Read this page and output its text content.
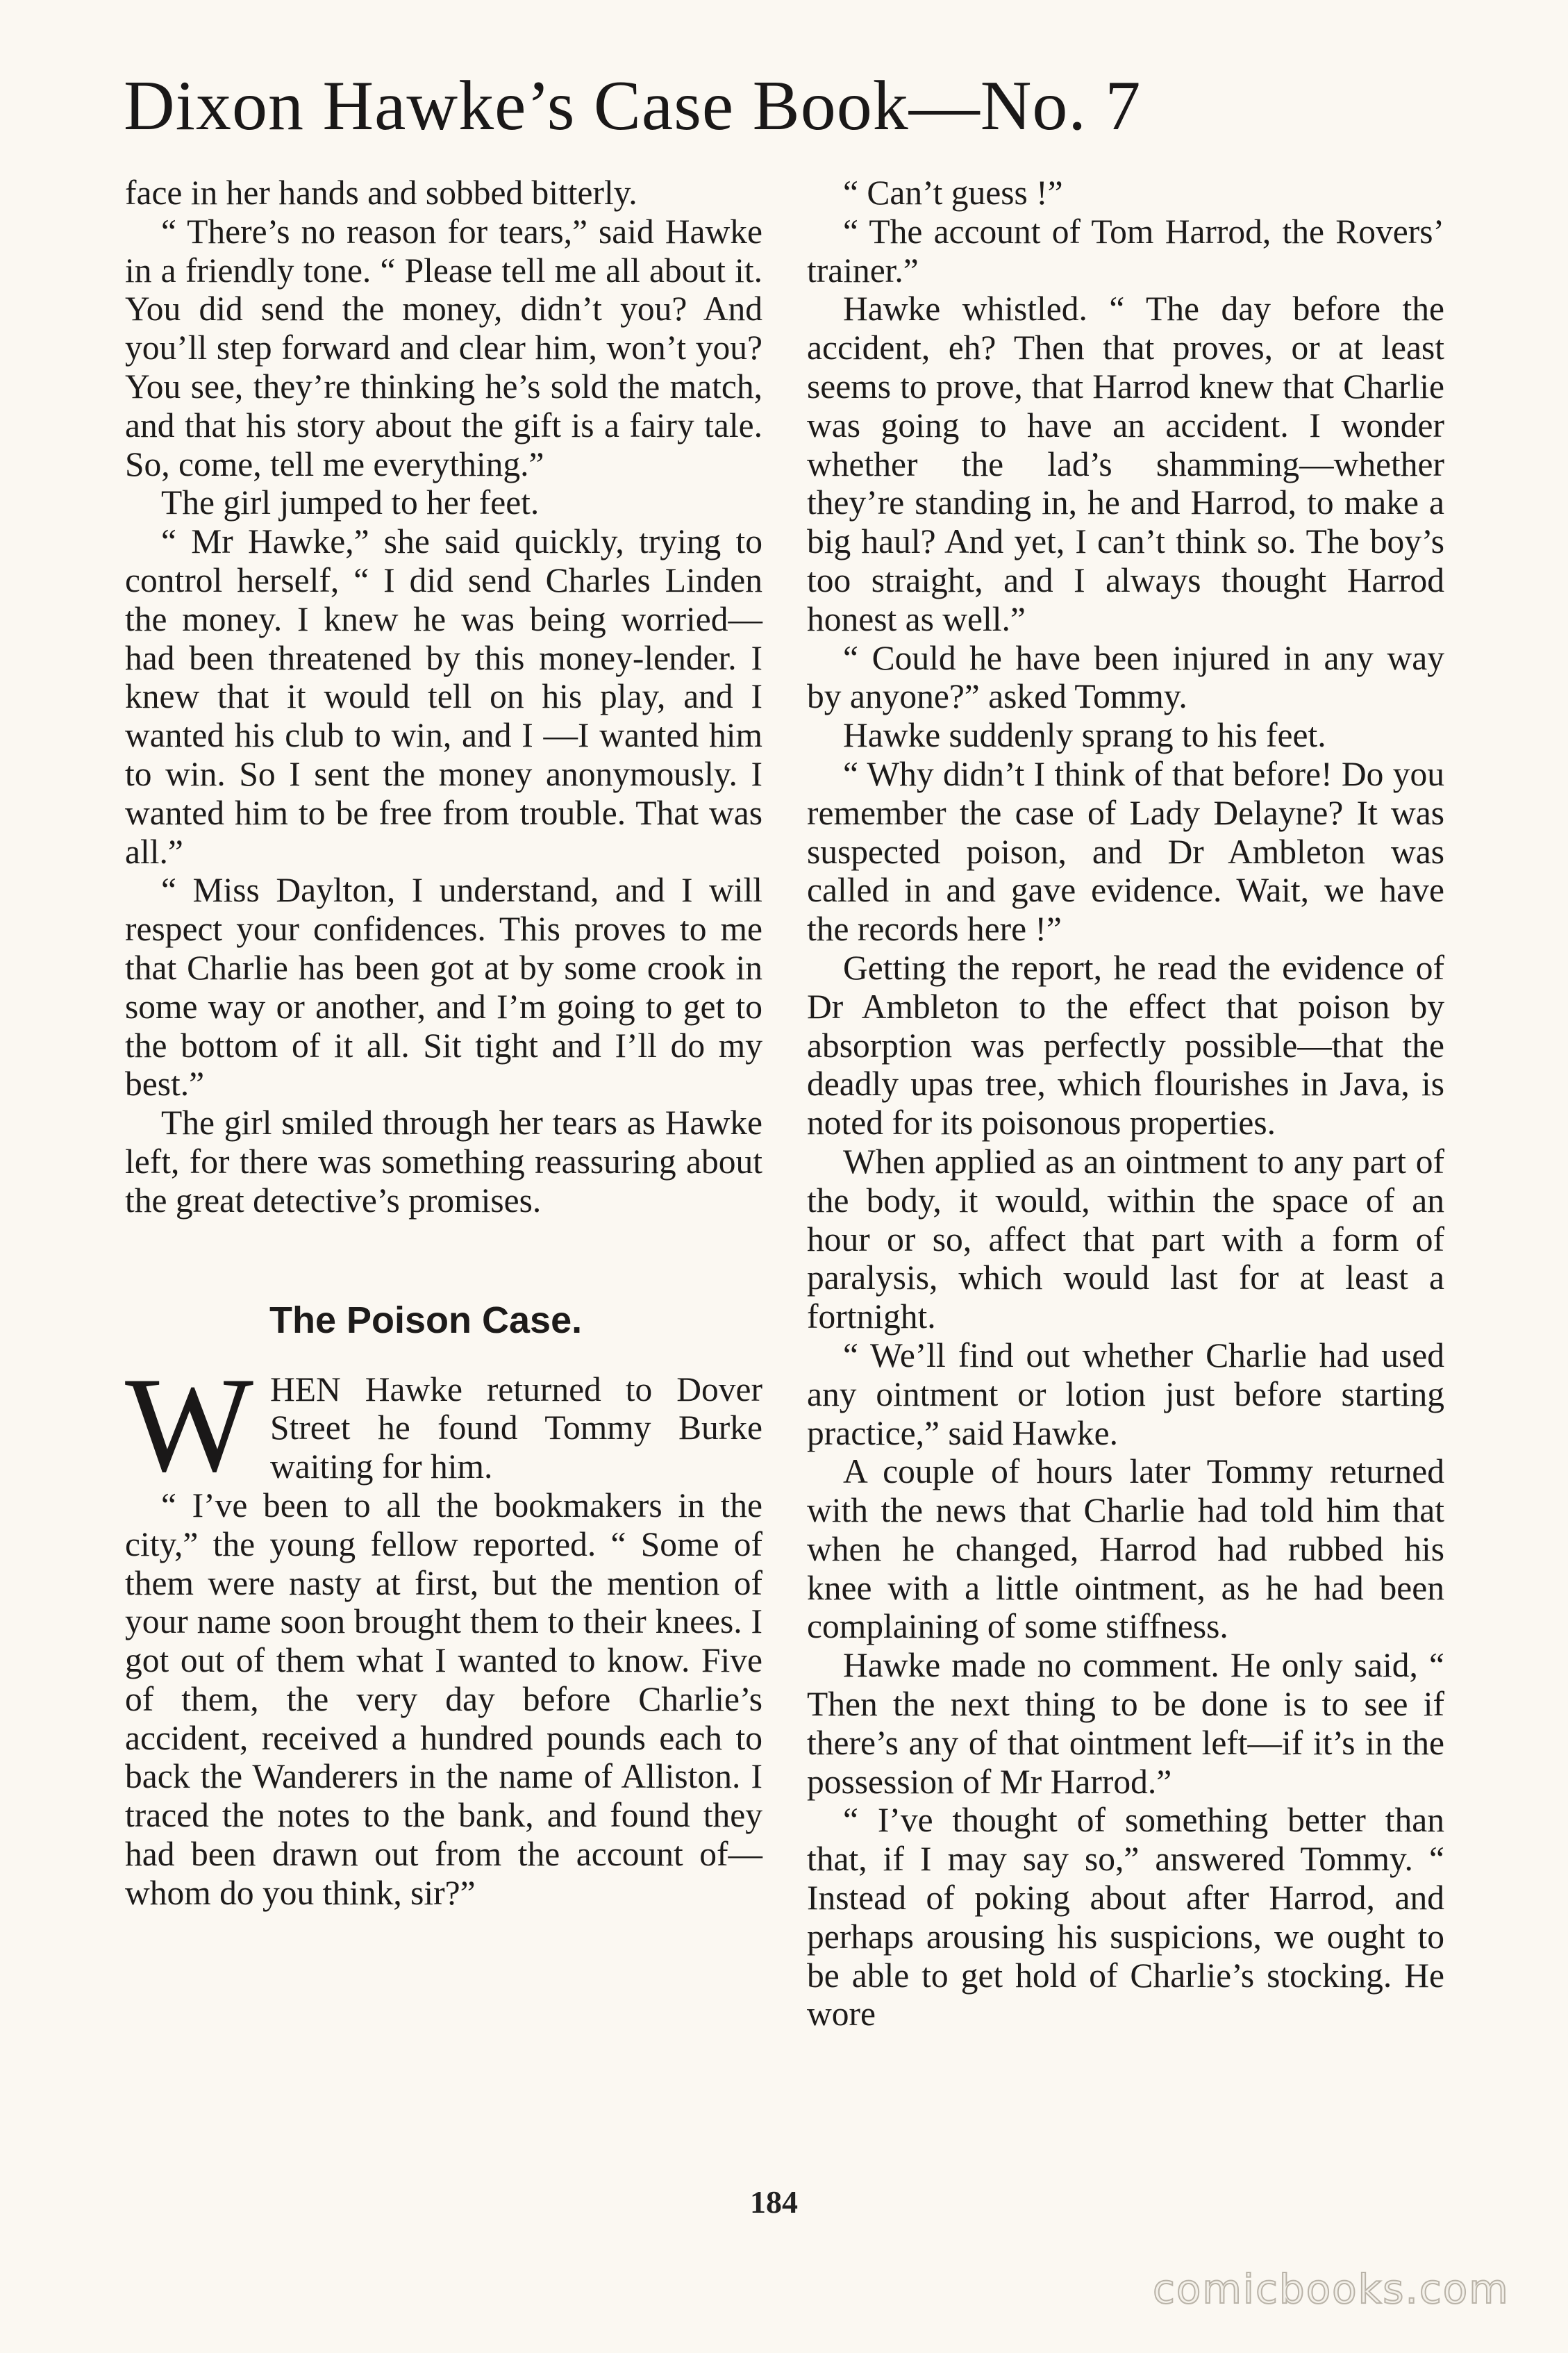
Dixon Hawke’s Case Book—No. 7

face in her hands and sobbed bitterly.

“ There’s no reason for tears,” said Hawke in a friendly tone. “ Please tell me all about it. You did send the money, didn’t you? And you’ll step forward and clear him, won’t you? You see, they’re thinking he’s sold the match, and that his story about the gift is a fairy tale. So, come, tell me everything.”

The girl jumped to her feet.

“ Mr Hawke,” she said quickly, trying to control herself, “ I did send Charles Linden the money. I knew he was being worried—had been threatened by this money-lender. I knew that it would tell on his play, and I wanted his club to win, and I —I wanted him to win. So I sent the money anonymously. I wanted him to be free from trouble. That was all.”

“ Miss Daylton, I understand, and I will respect your confidences. This proves to me that Charlie has been got at by some crook in some way or another, and I’m going to get to the bottom of it all. Sit tight and I’ll do my best.”

The girl smiled through her tears as Hawke left, for there was something reassuring about the great detective’s promises.

The Poison Case.

WHEN Hawke returned to Dover Street he found Tommy Burke waiting for him.

“ I’ve been to all the bookmakers in the city,” the young fellow reported. “ Some of them were nasty at first, but the mention of your name soon brought them to their knees. I got out of them what I wanted to know. Five of them, the very day before Charlie’s accident, received a hundred pounds each to back the Wanderers in the name of Alliston. I traced the notes to the bank, and found they had been drawn out from the account of—whom do you think, sir?”

“ Can’t guess !”

“ The account of Tom Harrod, the Rovers’ trainer.”

Hawke whistled. “ The day before the accident, eh? Then that proves, or at least seems to prove, that Harrod knew that Charlie was going to have an accident. I wonder whether the lad’s shamming—whether they’re standing in, he and Harrod, to make a big haul? And yet, I can’t think so. The boy’s too straight, and I always thought Harrod honest as well.”

“ Could he have been injured in any way by anyone?” asked Tommy.

Hawke suddenly sprang to his feet.

“ Why didn’t I think of that before! Do you remember the case of Lady Delayne? It was suspected poison, and Dr Ambleton was called in and gave evidence. Wait, we have the records here !”

Getting the report, he read the evidence of Dr Ambleton to the effect that poison by absorption was perfectly possible—that the deadly upas tree, which flourishes in Java, is noted for its poisonous properties.

When applied as an ointment to any part of the body, it would, within the space of an hour or so, affect that part with a form of paralysis, which would last for at least a fortnight.

“ We’ll find out whether Charlie had used any ointment or lotion just before starting practice,” said Hawke.

A couple of hours later Tommy returned with the news that Charlie had told him that when he changed, Harrod had rubbed his knee with a little ointment, as he had been complaining of some stiffness.

Hawke made no comment. He only said, “ Then the next thing to be done is to see if there’s any of that ointment left—if it’s in the possession of Mr Harrod.”

“ I’ve thought of something better than that, if I may say so,” answered Tommy. “ Instead of poking about after Harrod, and perhaps arousing his suspicions, we ought to be able to get hold of Charlie’s stocking. He wore

184
comicbooks.com
